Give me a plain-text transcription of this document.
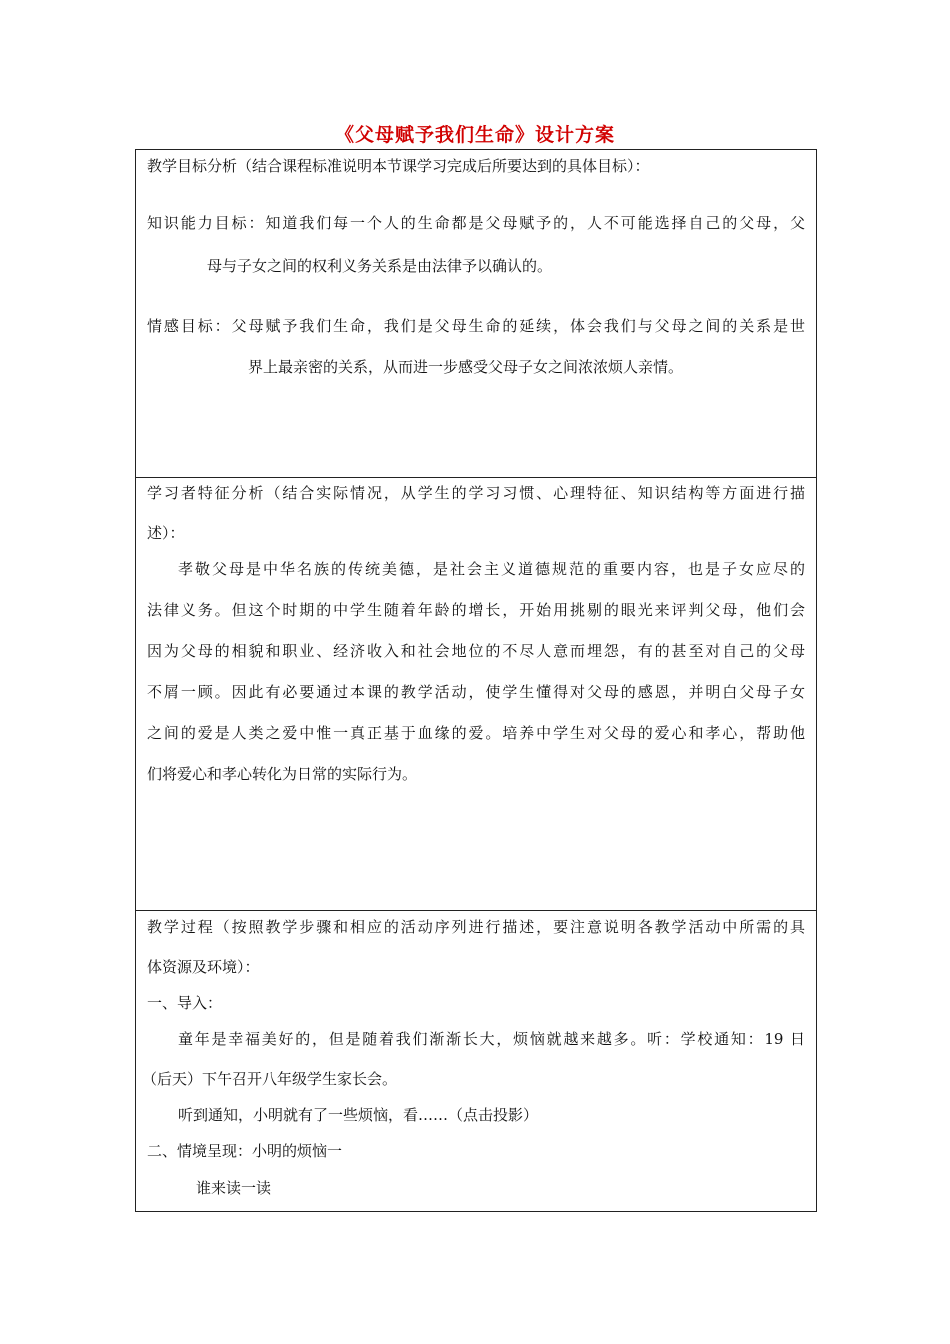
《父母赋予我们生命》设计方案
教学目标分析（结合课程标准说明本节课学习完成后所要达到的具体目标）：
知识能力目标：知道我们每一个人的生命都是父母赋予的，人不可能选择自己的父母，父
母与子女之间的权利义务关系是由法律予以确认的。
情感目标：父母赋予我们生命，我们是父母生命的延续，体会我们与父母之间的关系是世
界上最亲密的关系，从而进一步感受父母子女之间浓浓烦人亲情。
学习者特征分析（结合实际情况，从学生的学习习惯、心理特征、知识结构等方面进行描
述）：
孝敬父母是中华名族的传统美德，是社会主义道德规范的重要内容，也是子女应尽的
法律义务。但这个时期的中学生随着年龄的增长，开始用挑剔的眼光来评判父母，他们会
因为父母的相貌和职业、经济收入和社会地位的不尽人意而埋怨，有的甚至对自己的父母
不屑一顾。因此有必要通过本课的教学活动，使学生懂得对父母的感恩，并明白父母子女
之间的爱是人类之爱中惟一真正基于血缘的爱。培养中学生对父母的爱心和孝心，帮助他
们将爱心和孝心转化为日常的实际行为。
教学过程（按照教学步骤和相应的活动序列进行描述，要注意说明各教学活动中所需的具
体资源及环境）：
一、导入：
童年是幸福美好的，但是随着我们渐渐长大，烦恼就越来越多。听：学校通知：19 日
（后天）下午召开八年级学生家长会。
听到通知，小明就有了一些烦恼，看……（点击投影）
二、情境呈现：小明的烦恼一
谁来读一读
